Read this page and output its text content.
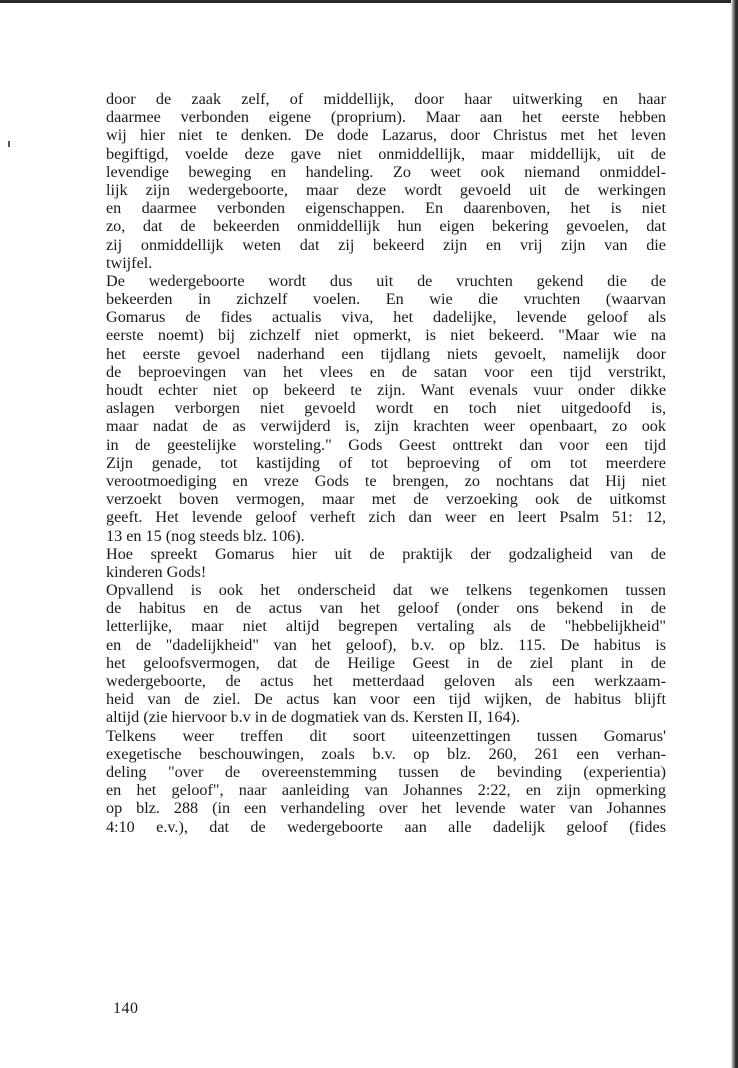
door de zaak zelf, of middellijk, door haar uitwerking en haar
daarmee verbonden eigene (proprium). Maar aan het eerste hebben
wij hier niet te denken. De dode Lazarus, door Christus met het leven
begiftigd, voelde deze gave niet onmiddellijk, maar middellijk, uit de
levendige beweging en handeling. Zo weet ook niemand onmiddel-
lijk zijn wedergeboorte, maar deze wordt gevoeld uit de werkingen
en daarmee verbonden eigenschappen. En daarenboven, het is niet
zo, dat de bekeerden onmiddellijk hun eigen bekering gevoelen, dat
zij onmiddellijk weten dat zij bekeerd zijn en vrij zijn van die
twijfel.
De wedergeboorte wordt dus uit de vruchten gekend die de
bekeerden in zichzelf voelen. En wie die vruchten (waarvan
Gomarus de fides actualis viva, het dadelijke, levende geloof als
eerste noemt) bij zichzelf niet opmerkt, is niet bekeerd. "Maar wie na
het eerste gevoel naderhand een tijdlang niets gevoelt, namelijk door
de beproevingen van het vlees en de satan voor een tijd verstrikt,
houdt echter niet op bekeerd te zijn. Want evenals vuur onder dikke
aslagen verborgen niet gevoeld wordt en toch niet uitgedoofd is,
maar nadat de as verwijderd is, zijn krachten weer openbaart, zo ook
in de geestelijke worsteling." Gods Geest onttrekt dan voor een tijd
Zijn genade, tot kastijding of tot beproeving of om tot meerdere
verootmoediging en vreze Gods te brengen, zo nochtans dat Hij niet
verzoekt boven vermogen, maar met de verzoeking ook de uitkomst
geeft. Het levende geloof verheft zich dan weer en leert Psalm 51: 12,
13 en 15 (nog steeds blz. 106).
Hoe spreekt Gomarus hier uit de praktijk der godzaligheid van de
kinderen Gods!
Opvallend is ook het onderscheid dat we telkens tegenkomen tussen
de habitus en de actus van het geloof (onder ons bekend in de
letterlijke, maar niet altijd begrepen vertaling als de "hebbelijkheid"
en de "dadelijkheid" van het geloof), b.v. op blz. 115. De habitus is
het geloofsvermogen, dat de Heilige Geest in de ziel plant in de
wedergeboorte, de actus het metterdaad geloven als een werkzaam-
heid van de ziel. De actus kan voor een tijd wijken, de habitus blijft
altijd (zie hiervoor b.v in de dogmatiek van ds. Kersten II, 164).
Telkens weer treffen dit soort uiteenzettingen tussen Gomarus'
exegetische beschouwingen, zoals b.v. op blz. 260, 261 een verhan-
deling "over de overeenstemming tussen de bevinding (experientia)
en het geloof", naar aanleiding van Johannes 2:22, en zijn opmerking
op blz. 288 (in een verhandeling over het levende water van Johannes
4:10 e.v.), dat de wedergeboorte aan alle dadelijk geloof (fides
140
